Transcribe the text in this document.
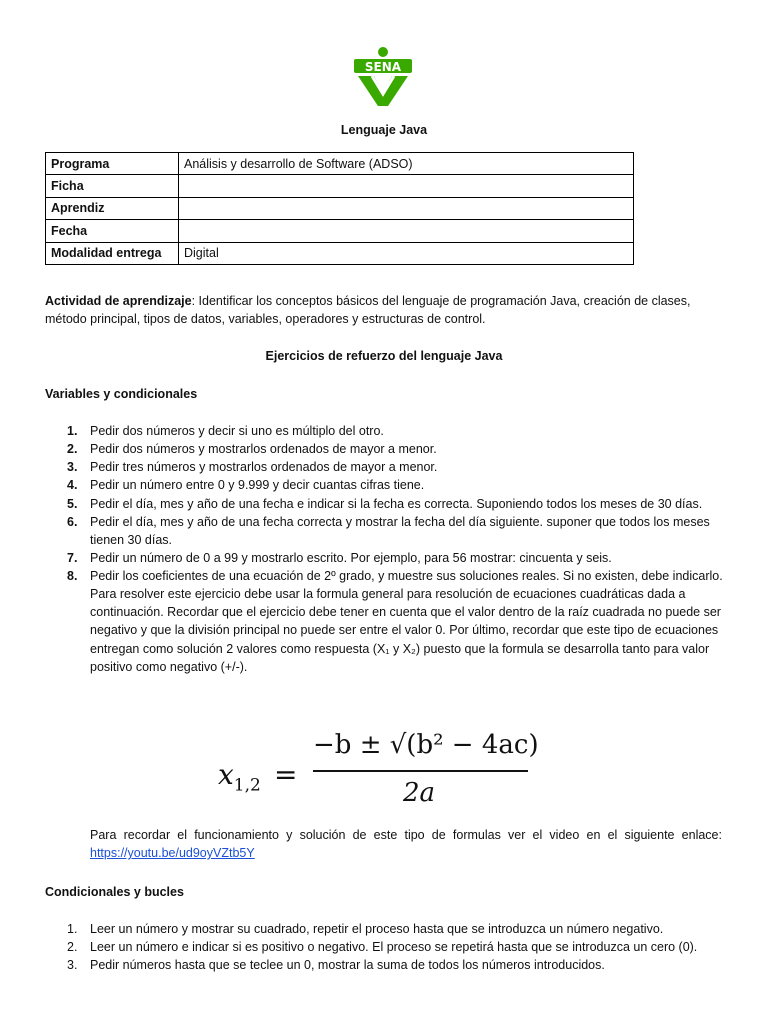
SENA
Lenguaje Java
Programa	Análisis y desarrollo de Software (ADSO)
Ficha	
Aprendiz	
Fecha	
Modalidad entrega	Digital
Actividad de aprendizaje: Identificar los conceptos básicos del lenguaje de programación Java, creación de clases, método principal, tipos de datos, variables, operadores y estructuras de control.
Ejercicios de refuerzo del lenguaje Java
Variables y condicionales
1. Pedir dos números y decir si uno es múltiplo del otro.
2. Pedir dos números y mostrarlos ordenados de mayor a menor.
3. Pedir tres números y mostrarlos ordenados de mayor a menor.
4. Pedir un número entre 0 y 9.999 y decir cuantas cifras tiene.
5. Pedir el día, mes y año de una fecha e indicar si la fecha es correcta. Suponiendo todos los meses de 30 días.
6. Pedir el día, mes y año de una fecha correcta y mostrar la fecha del día siguiente. suponer que todos los meses tienen 30 días.
7. Pedir un número de 0 a 99 y mostrarlo escrito. Por ejemplo, para 56 mostrar: cincuenta y seis.
8. Pedir los coeficientes de una ecuación de 2º grado, y muestre sus soluciones reales. Si no existen, debe indicarlo. Para resolver este ejercicio debe usar la formula general para resolución de ecuaciones cuadráticas dada a continuación. Recordar que el ejercicio debe tener en cuenta que el valor dentro de la raíz cuadrada no puede ser negativo y que la división principal no puede ser entre el valor 0. Por último, recordar que este tipo de ecuaciones entregan como solución 2 valores como respuesta (X₁ y X₂) puesto que la formula se desarrolla tanto para valor positivo como negativo (+/-).
$x_{1,2}$ =
−b ± √(b² − 4ac)
2a
Para recordar el funcionamiento y solución de este tipo de formulas ver el video en el siguiente enlace: https://youtu.be/ud9oyVZtb5Y
Condicionales y bucles
1. Leer un número y mostrar su cuadrado, repetir el proceso hasta que se introduzca un número negativo.
2. Leer un número e indicar si es positivo o negativo. El proceso se repetirá hasta que se introduzca un cero (0).
3. Pedir números hasta que se teclee un 0, mostrar la suma de todos los números introducidos.
